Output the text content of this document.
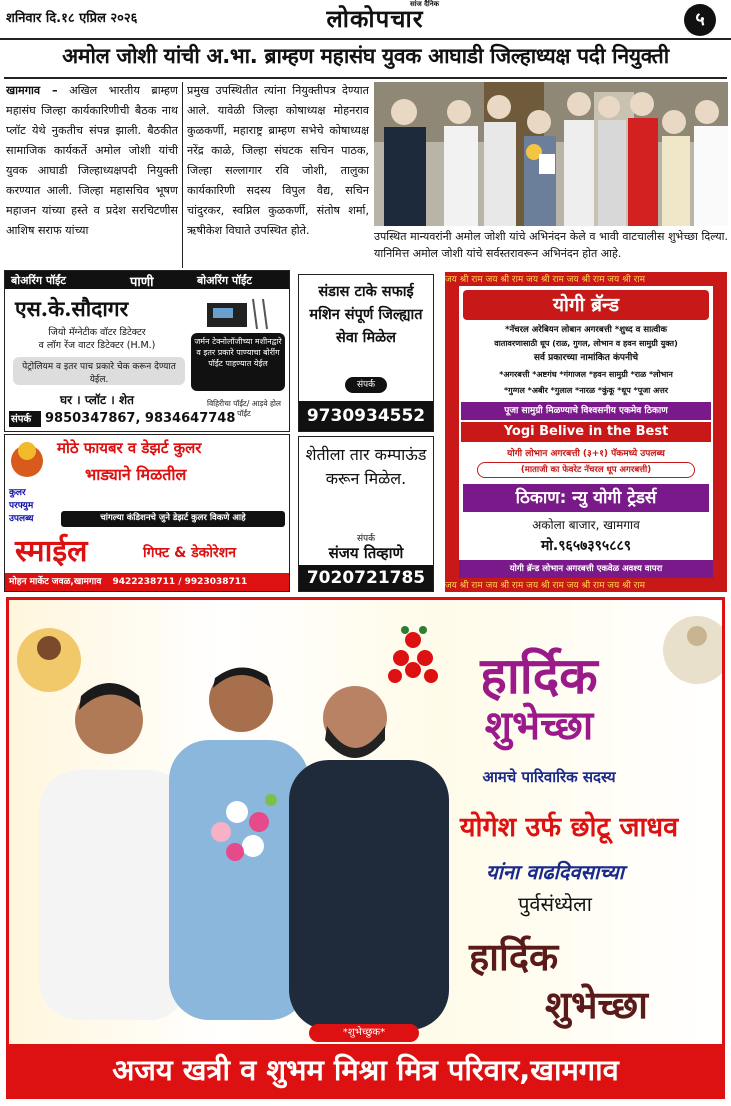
शनिवार दि.१८ एप्रिल २०२६	लोकोपचार
सांज दैनिक
५
अमोल जोशी यांची अ.भा. ब्राम्हण महासंघ युवक आघाडी जिल्हाध्यक्ष पदी नियुक्ती
खामगाव – अखिल भारतीय ब्राम्हण महासंघ जिल्हा कार्यकारिणीची बैठक नाथ प्लॉट येथे नुकतीच संपन्न झाली. बैठकीत सामाजिक कार्यकर्ते अमोल जोशी यांची युवक आघाडी जिल्हाध्यक्षपदी नियुक्ती करण्यात आली. जिल्हा महासचिव भूषण महाजन यांच्या हस्ते व प्रदेश सरचिटणीस आशिष सराफ यांच्या
प्रमुख उपस्थितीत त्यांना नियुक्तीपत्र देण्यात आले. यावेळी जिल्हा कोषाध्यक्ष मोहनराव कुळकर्णी, महाराष्ट्र ब्राम्हण सभेचे कोषाध्यक्ष नरेंद्र काळे, जिल्हा संघटक सचिन पाठक, जिल्हा सल्लागार रवि जोशी, तालुका कार्यकारिणी सदस्य विपुल वैद्य, सचिन चांदुरकर, स्वप्निल कुळकर्णी, संतोष शर्मा, ऋषीकेश विघाते उपस्थित होते.	उपस्थित मान्यवरांनी अमोल जोशी यांचे अभिनंदन केले व भावी वाटचालीस शुभेच्छा दिल्या. यानिमित्त अमोल जोशी यांचे सर्वस्तरावरून अभिनंदन होत आहे.
बोअरिंग पॉईंट	पाणी	बोअरिंग पॉईंट
एस.के.सौदागर
जियो मॅग्नेटीक वॉटर डिटेक्टर
व लॉग रेंज वाटर डिटेक्टर (H.M.)
पेट्रोलियम व इतर पाच प्रकारे चेक करून देण्यात येईल.
जर्मन टेक्नोलॉजीच्या मशीनद्वारे व इतर प्रकारे पाण्याचा बोरींग पॉईंट पाहण्यात येईल
घर । प्लॉट । शेत
संपर्क	9850347867, 9834647748
विहिरीचा पॉईंट/ आड़वे होल पॉईंट
मोठे फायबर व डेझर्ट कुलर
भाड्याने मिळतील
कुलर परफ्युम उपलब्ध	चांगल्या कंडिशनचे जुने डेझर्ट कुलर विकणे आहे
स्माईल	गिफ्ट & डेकोरेशन
मोहन मार्केट जवळ,खामगाव 9422238711 / 9923038711
संडास टाके सफाई मशिन संपूर्ण जिल्ह्यात सेवा मिळेल
संपर्क
9730934552
शेतीला तार कम्पाऊंड करून मिळेल.
संपर्क
संजय तिव्हाणे
7020721785
जय श्री राम जय श्री राम जय श्री राम जय श्री राम जय श्री राम
जय श्री राम जय श्री राम जय श्री राम जय श्री राम जय श्री राम
योगी ब्रॅन्ड
*नॅचरल अरेबियन लोबान अगरबत्ती *शुध्द व सात्वीक
वातावरणासाठी धूप (राळ, गुगल, लोभान व हवन सामुग्री युक्त)
सर्व प्रकारच्या नामांकित कंपनीचे
*अगरबत्ती *अष्टगंध *गंगाजल *हवन सामुग्री *राळ *लोभान
*गुग्गल *अबीर *गुलाल *नारळ *कुंकू *धूप *पूजा अत्तर
पूजा सामुग्री मिळण्याचे विश्वसनीय एकमेव ठिकाण
Yogi Belive in the Best
योगी लोभान अगरबत्ती (३+१) पॅकमध्ये उपलब्ध
(माताजी का फेवरेट नॅचरल धूप अगरबत्ती)
ठिकाण: न्यु योगी ट्रेडर्स
अकोला बाजार, खामगाव
मो.९६५७३९५८८९
योगी ब्रॅन्ड लोभान अगरबत्ती एकवेळ अवश्य वापरा
हार्दिक
शुभेच्छा
आमचे पारिवारिक सदस्य
योगेश उर्फ छोटू जाधव
यांना वाढदिवसाच्या
पुर्वसंध्येला
हार्दिक
शुभेच्छा
*शुभेच्छुक*
अजय खत्री व शुभम मिश्रा मित्र परिवार,खामगाव
